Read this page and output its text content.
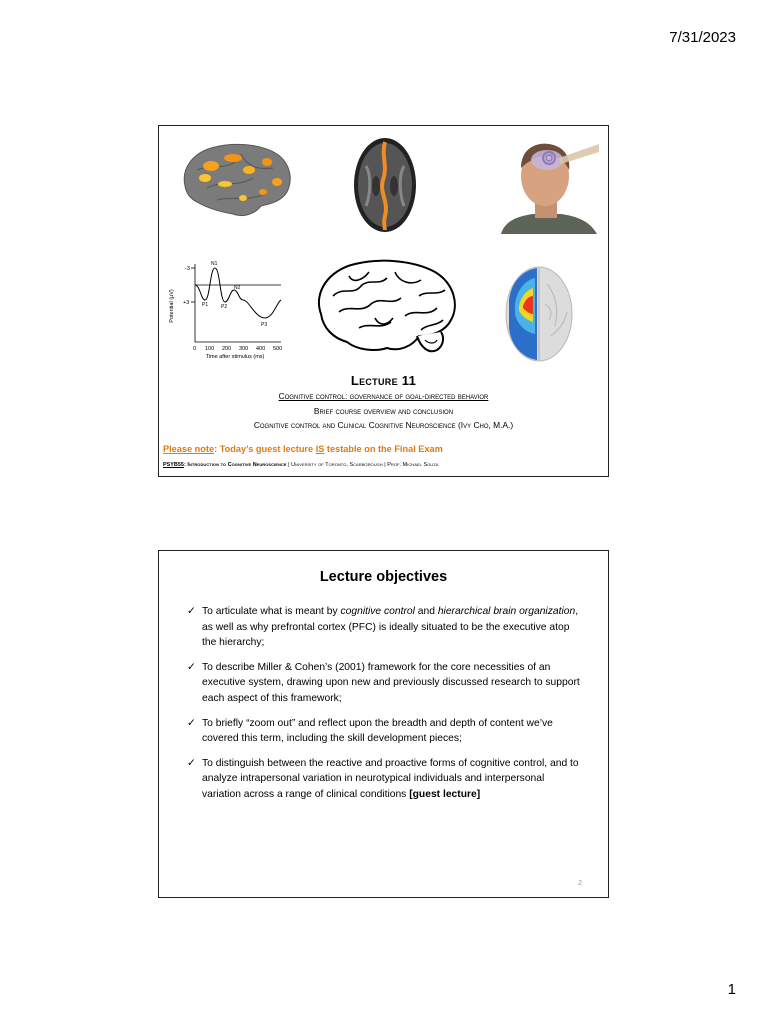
7/31/2023
Potential (μV)
-3
+3
N1
P1
N2
P2
P3
0 100 200 300 400 500
Time after stimulus (ms)
Lecture 11
Cognitive control: governance of goal-directed behavior
Brief course overview and conclusion
Cognitive control and Clinical Cognitive Neuroscience (Ivy Cho, M.A.)
Please note: Today’s guest lecture IS testable on the Final Exam
PSYB55: Introduction to Cognitive Neuroscience | University of Toronto, Scarborough | Prof. Michael Souza
Lecture objectives
✓ To articulate what is meant by cognitive control and hierarchical brain organization, as well as why prefrontal cortex (PFC) is ideally situated to be the executive atop the hierarchy;
✓ To describe Miller & Cohen’s (2001) framework for the core necessities of an executive system, drawing upon new and previously discussed research to support each aspect of this framework;
✓ To briefly “zoom out” and reflect upon the breadth and depth of content we’ve covered this term, including the skill development pieces;
✓ To distinguish between the reactive and proactive forms of cognitive control, and to analyze intrapersonal variation in neurotypical individuals and interpersonal variation across a range of clinical conditions [guest lecture]
2
1
